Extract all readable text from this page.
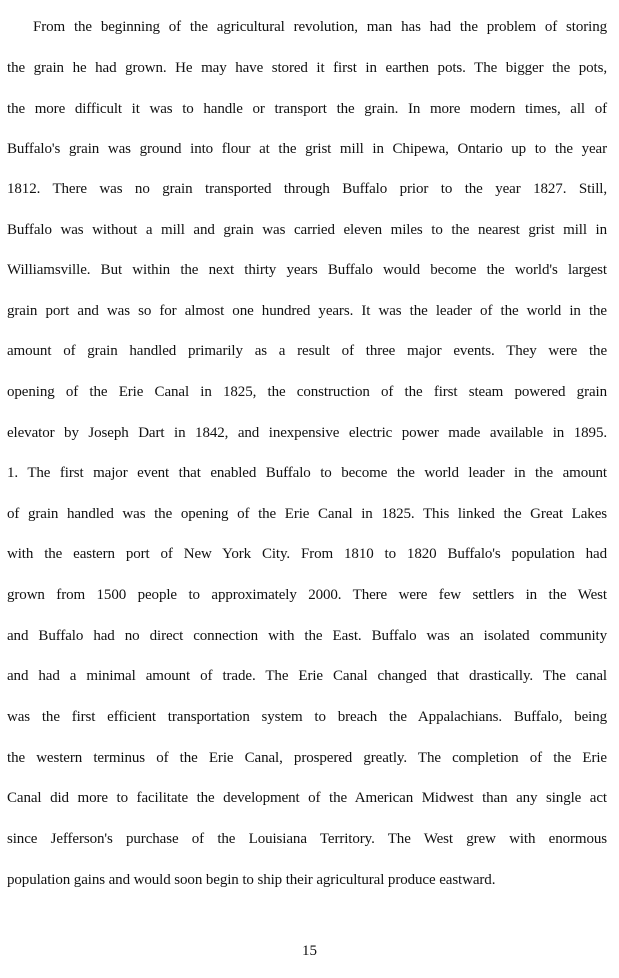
From the beginning of the agricultural revolution, man has had the problem of storing
the grain he had grown. He may have stored it first in earthen pots. The bigger the pots,
the more difficult it was to handle or transport the grain. In more modern times, all of
Buffalo's grain was ground into flour at the grist mill in Chipewa, Ontario up to the year
1812. There was no grain transported through Buffalo prior to the year 1827. Still,
Buffalo was without a mill and grain was carried eleven miles to the nearest grist mill in
Williamsville. But within the next thirty years Buffalo would become the world's largest
grain port and was so for almost one hundred years. It was the leader of the world in the
amount of grain handled primarily as a result of three major events. They were the
opening of the Erie Canal in 1825, the construction of the first steam powered grain
elevator by Joseph Dart in 1842, and inexpensive electric power made available in 1895.
1. The first major event that enabled Buffalo to become the world leader in the amount
of grain handled was the opening of the Erie Canal in 1825. This linked the Great Lakes
with the eastern port of New York City. From 1810 to 1820 Buffalo's population had
grown from 1500 people to approximately 2000. There were few settlers in the West
and Buffalo had no direct connection with the East. Buffalo was an isolated community
and had a minimal amount of trade. The Erie Canal changed that drastically. The canal
was the first efficient transportation system to breach the Appalachians. Buffalo, being
the western terminus of the Erie Canal, prospered greatly. The completion of the Erie
Canal did more to facilitate the development of the American Midwest than any single act
since Jefferson's purchase of the Louisiana Territory. The West grew with enormous
population gains and would soon begin to ship their agricultural produce eastward.
15
